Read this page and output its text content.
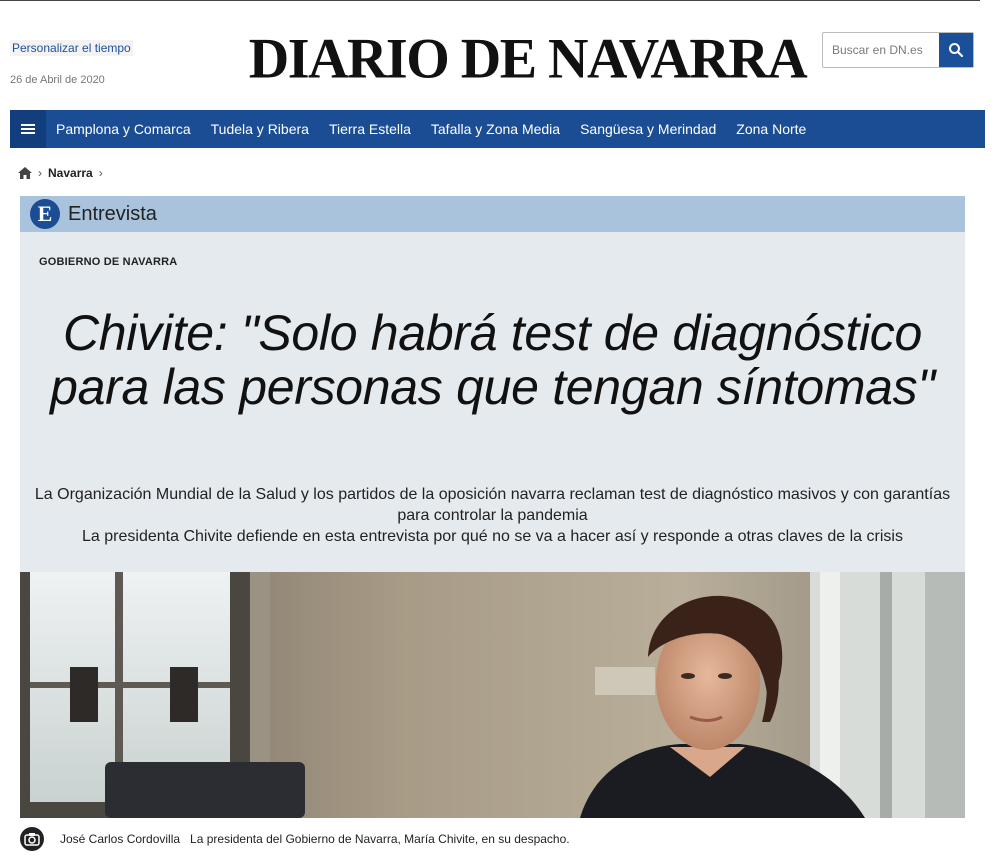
Personalizar el tiempo
26 de Abril de 2020	DIARIO DE NAVARRA
Buscar en DN.es
Pamplona y Comarca Tudela y Ribera Tierra Estella Tafalla y Zona Media Sangüesa y Merindad Zona Norte
› Navarra ›
E Entrevista
GOBIERNO DE NAVARRA
Chivite: "Solo habrá test de diagnóstico para las personas que tengan síntomas"

La Organización Mundial de la Salud y los partidos de la oposición navarra reclaman test de diagnóstico masivos y con garantías para controlar la pandemia

La presidenta Chivite defiende en esta entrevista por qué no se va a hacer así y responde a otras claves de la crisis

José Carlos Cordovilla La presidenta del Gobierno de Navarra, María Chivite, en su despacho.
